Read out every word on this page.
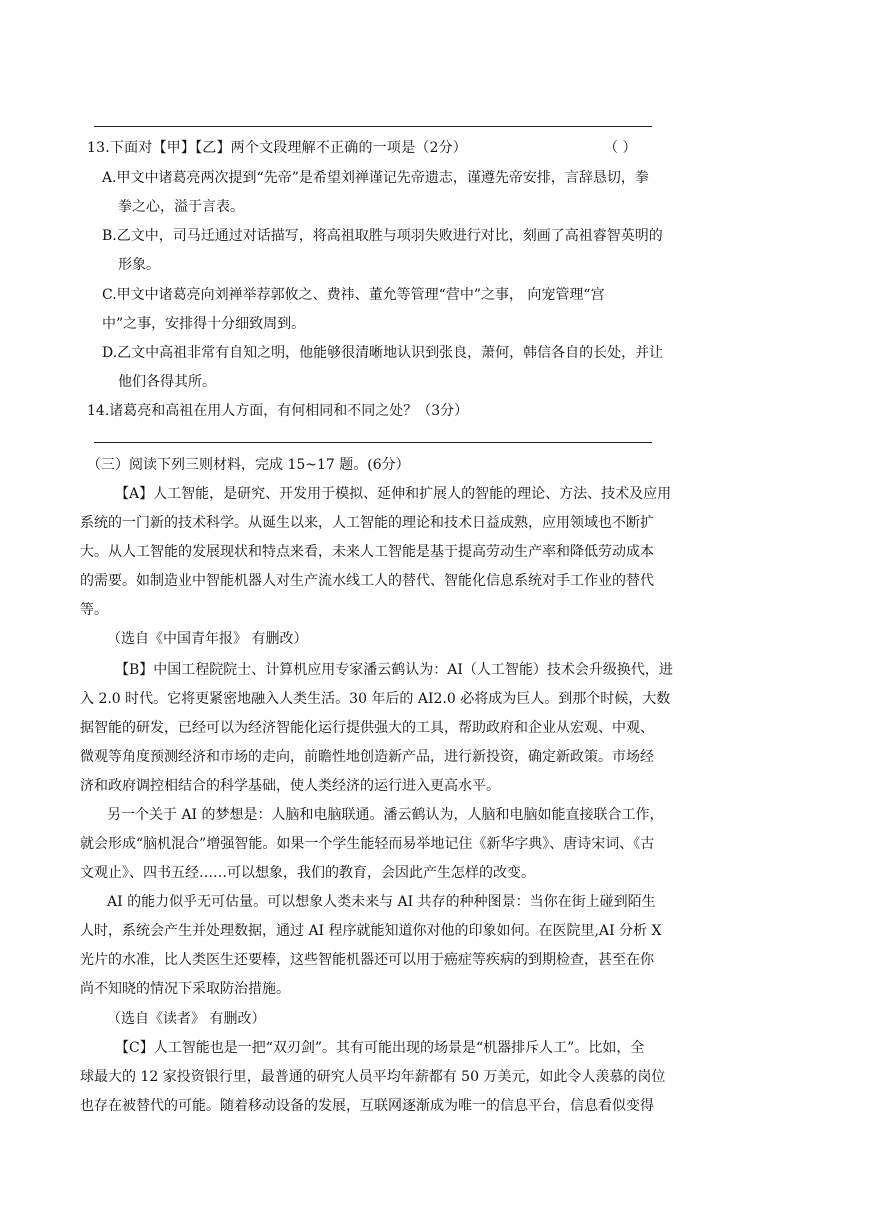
13.下面对【甲】【乙】两个文段理解不正确的一项是（2分）	（ ）
A.甲文中诸葛亮两次提到“先帝”是希望刘禅谨记先帝遗志，谨遵先帝安排，言辞恳切，拳
拳之心，溢于言表。
B.乙文中，司马迁通过对话描写，将高祖取胜与项羽失败进行对比，刻画了高祖睿智英明的
形象。
C.甲文中诸葛亮向刘禅举荐郭攸之、费祎、董允等管理“营中”之事， 向宠管理“宫
中”之事，安排得十分细致周到。
D.乙文中高祖非常有自知之明，他能够很清晰地认识到张良，萧何，韩信各自的长处，并让
他们各得其所。
14.诸葛亮和高祖在用人方面，有何相同和不同之处？（3分）
（三）阅读下列三则材料，完成 15~17 题。(6分）
【A】人工智能，是研究、开发用于模拟、延伸和扩展人的智能的理论、方法、技术及应用
系统的一门新的技术科学。从诞生以来，人工智能的理论和技术日益成熟，应用领域也不断扩
大。从人工智能的发展现状和特点来看，未来人工智能是基于提高劳动生产率和降低劳动成本
的需要。如制造业中智能机器人对生产流水线工人的替代、智能化信息系统对手工作业的替代
等。
（选自《中国青年报》 有删改）
【B】中国工程院院士、计算机应用专家潘云鹤认为：AI（人工智能）技术会升级换代，进
入 2.0 时代。它将更紧密地融入人类生活。30 年后的 AI2.0 必将成为巨人。到那个时候，大数
据智能的研发，已经可以为经济智能化运行提供强大的工具，帮助政府和企业从宏观、中观、
微观等角度预测经济和市场的走向，前瞻性地创造新产品，进行新投资，确定新政策。市场经
济和政府调控相结合的科学基础，使人类经济的运行进入更高水平。
另一个关于 AI 的梦想是：人脑和电脑联通。潘云鹤认为，人脑和电脑如能直接联合工作，
就会形成“脑机混合”增强智能。如果一个学生能轻而易举地记住《新华字典》、唐诗宋词、《古
文观止》、四书五经……可以想象，我们的教育，会因此产生怎样的改变。
AI 的能力似乎无可估量。可以想象人类未来与 AI 共存的种种图景：当你在街上碰到陌生
人时，系统会产生并处理数据，通过 AI 程序就能知道你对他的印象如何。在医院里,AI 分析 X
光片的水准，比人类医生还要棒，这些智能机器还可以用于癌症等疾病的到期检查，甚至在你
尚不知晓的情况下采取防治措施。
（选自《读者》 有删改）
【C】人工智能也是一把“双刃剑”。其有可能出现的场景是“机器排斥人工”。比如，全
球最大的 12 家投资银行里，最普通的研究人员平均年薪都有 50 万美元，如此令人羡慕的岗位
也存在被替代的可能。随着移动设备的发展，互联网逐渐成为唯一的信息平台，信息看似变得
